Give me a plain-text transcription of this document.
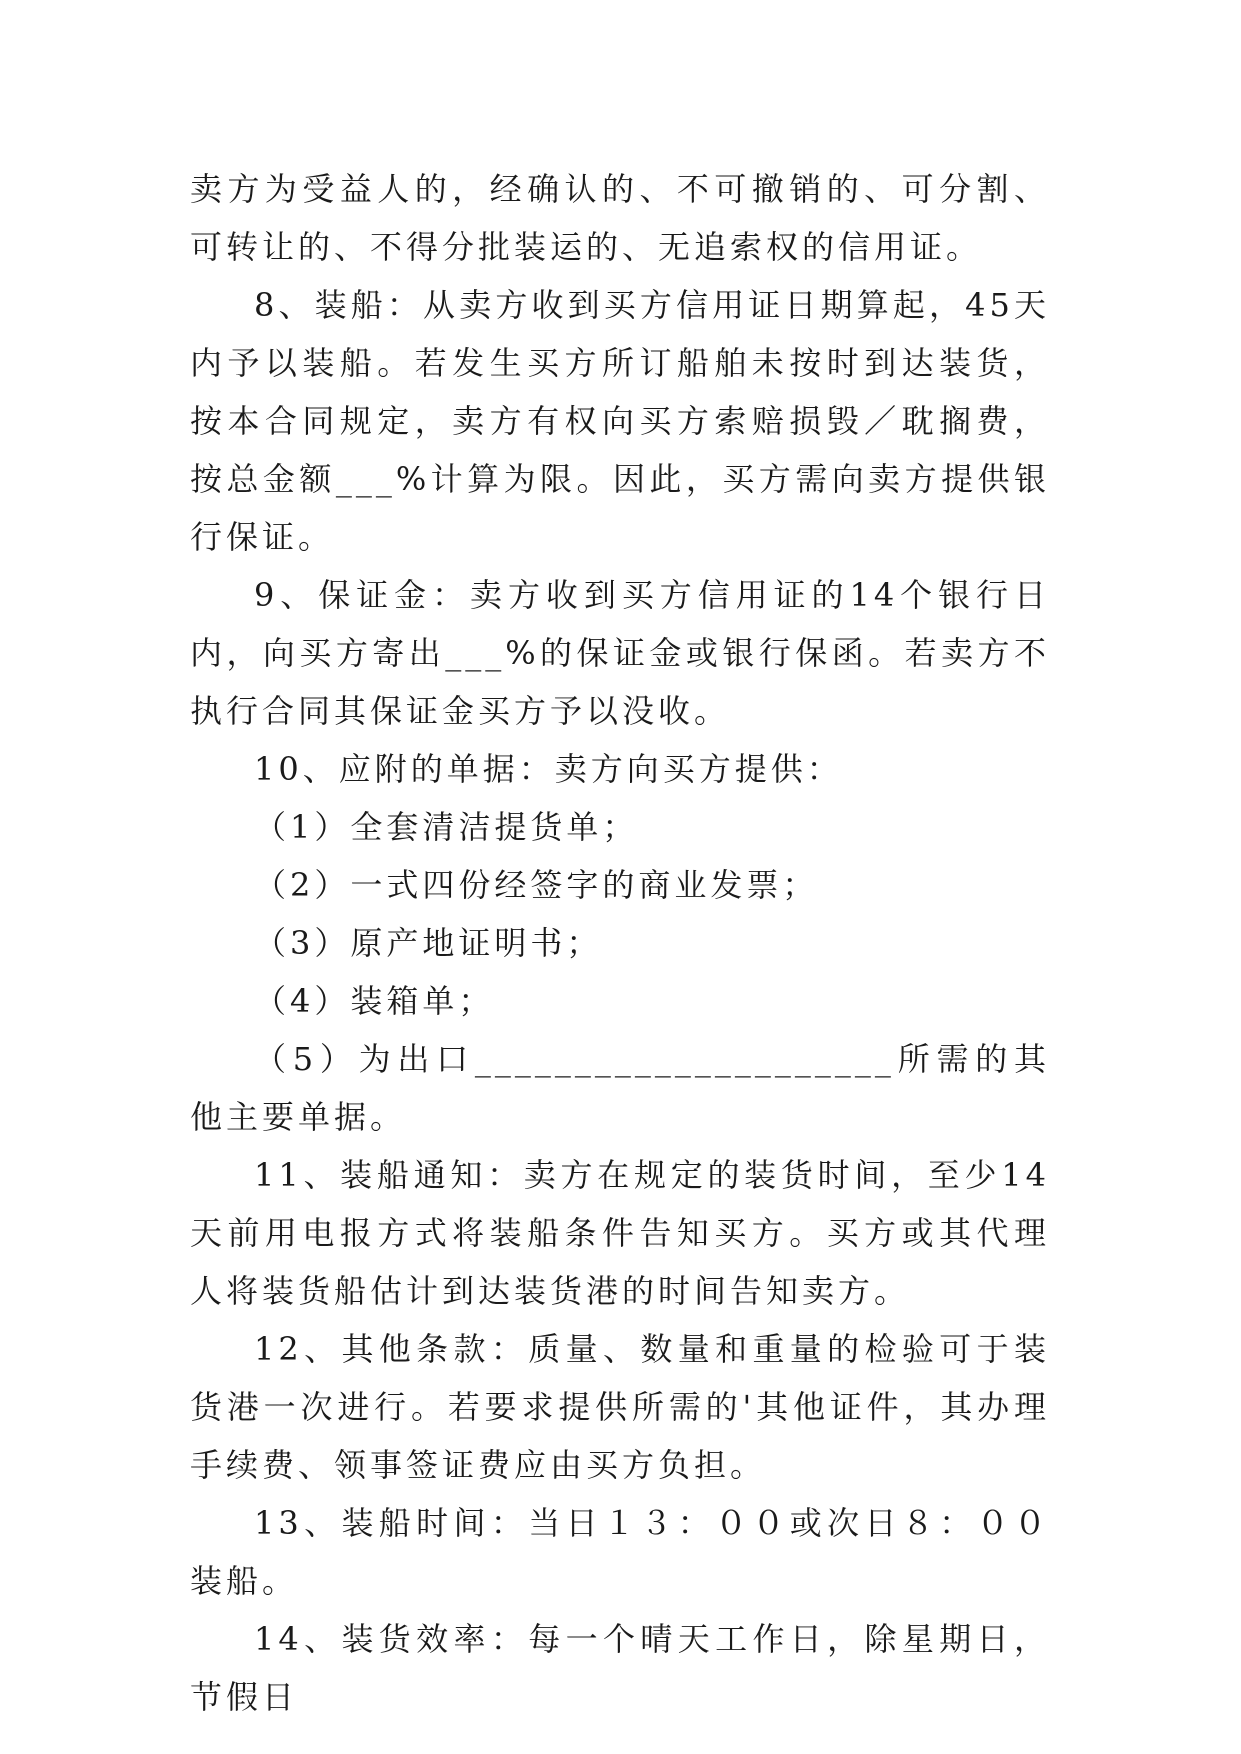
卖方为受益人的，经确认的、不可撤销的、可分割、可转让的、不得分批装运的、无追索权的信用证。

8、装船：从卖方收到买方信用证日期算起，45天内予以装船。若发生买方所订船舶未按时到达装货，按本合同规定，卖方有权向买方索赔损毁／耽搁费，按总金额___%计算为限。因此，买方需向卖方提供银行保证。

9、保证金：卖方收到买方信用证的14个银行日内，向买方寄出___%的保证金或银行保函。若卖方不执行合同其保证金买方予以没收。

10、应附的单据：卖方向买方提供：

（1）全套清洁提货单；

（2）一式四份经签字的商业发票；

（3）原产地证明书；

（4）装箱单；

（5）为出口_____________________所需的其他主要单据。

11、装船通知：卖方在规定的装货时间，至少14天前用电报方式将装船条件告知买方。买方或其代理人将装货船估计到达装货港的时间告知卖方。

12、其他条款：质量、数量和重量的检验可于装货港一次进行。若要求提供所需的'其他证件，其办理手续费、领事签证费应由买方负担。

13、装船时间：当日１３：００或次日８：００装船。

14、装货效率：每一个晴天工作日，除星期日，节假日
